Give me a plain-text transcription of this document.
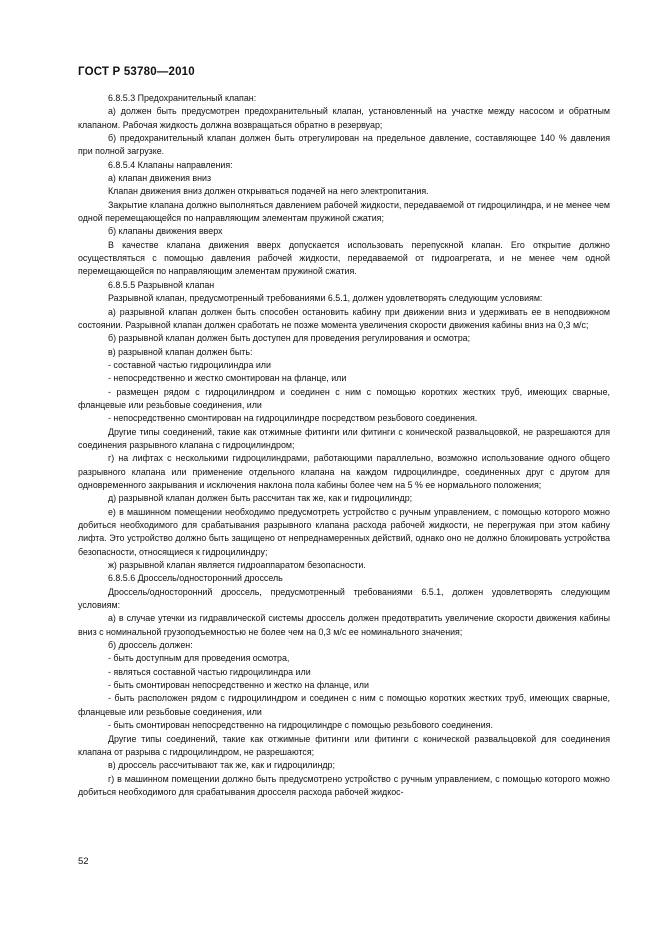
ГОСТ Р 53780—2010

6.8.5.3 Предохранительный клапан:

а) должен быть предусмотрен предохранительный клапан, установленный на участке между насосом и обратным клапаном. Рабочая жидкость должна возвращаться обратно в резервуар;

б) предохранительный клапан должен быть отрегулирован на предельное давление, составляющее 140 % давления при полной загрузке.

6.8.5.4 Клапаны направления:

а) клапан движения вниз

Клапан движения вниз должен открываться подачей на него электропитания.

Закрытие клапана должно выполняться давлением рабочей жидкости, передаваемой от гидроцилиндра, и не менее чем одной перемещающейся по направляющим элементам пружиной сжатия;

б) клапаны движения вверх

В качестве клапана движения вверх допускается использовать перепускной клапан. Его открытие должно осуществляться с помощью давления рабочей жидкости, передаваемой от гидроагрегата, и не менее чем одной перемещающейся по направляющим элементам пружиной сжатия.

6.8.5.5 Разрывной клапан

Разрывной клапан, предусмотренный требованиями 6.5.1, должен удовлетворять следующим условиям:

а) разрывной клапан должен быть способен остановить кабину при движении вниз и удерживать ее в неподвижном состоянии. Разрывной клапан должен сработать не позже момента увеличения скорости движения кабины вниз на 0,3 м/с;

б) разрывной клапан должен быть доступен для проведения регулирования и осмотра;

в) разрывной клапан должен быть:

- составной частью гидроцилиндра или

- непосредственно и жестко смонтирован на фланце, или

- размещен рядом с гидроцилиндром и соединен с ним с помощью коротких жестких труб, имеющих сварные, фланцевые или резьбовые соединения, или

- непосредственно смонтирован на гидроцилиндре посредством резьбового соединения.

Другие типы соединений, такие как отжимные фитинги или фитинги с конической развальцовкой, не разрешаются для соединения разрывного клапана с гидроцилиндром;

г) на лифтах с несколькими гидроцилиндрами, работающими параллельно, возможно использование одного общего разрывного клапана или применение отдельного клапана на каждом гидроцилиндре, соединенных друг с другом для одновременного закрывания и исключения наклона пола кабины более чем на 5 % ее нормального положения;

д) разрывной клапан должен быть рассчитан так же, как и гидроцилиндр;

е) в машинном помещении необходимо предусмотреть устройство с ручным управлением, с помощью которого можно добиться необходимого для срабатывания разрывного клапана расхода рабочей жидкости, не перегружая при этом кабину лифта. Это устройство должно быть защищено от непреднамеренных действий, однако оно не должно блокировать устройства безопасности, относящиеся к гидроцилиндру;

ж) разрывной клапан является гидроаппаратом безопасности.

6.8.5.6 Дроссель/односторонний дроссель

Дроссель/односторонний дроссель, предусмотренный требованиями 6.5.1, должен удовлетворять следующим условиям:

а) в случае утечки из гидравлической системы дроссель должен предотвратить увеличение скорости движения кабины вниз с номинальной грузоподъемностью не более чем на 0,3 м/с ее номинального значения;

б) дроссель должен:

- быть доступным для проведения осмотра,

- являться составной частью гидроцилиндра или

- быть смонтирован непосредственно и жестко на фланце, или

- быть расположен рядом с гидроцилиндром и соединен с ним с помощью коротких жестких труб, имеющих сварные, фланцевые или резьбовые соединения, или

- быть смонтирован непосредственно на гидроцилиндре с помощью резьбового соединения.

Другие типы соединений, такие как отжимные фитинги или фитинги с конической развальцовкой для соединения клапана от разрыва с гидроцилиндром, не разрешаются;

в) дроссель рассчитывают так же, как и гидроцилиндр;

г) в машинном помещении должно быть предусмотрено устройство с ручным управлением, с помощью которого можно добиться необходимого для срабатывания дросселя расхода рабочей жидкос-

52
